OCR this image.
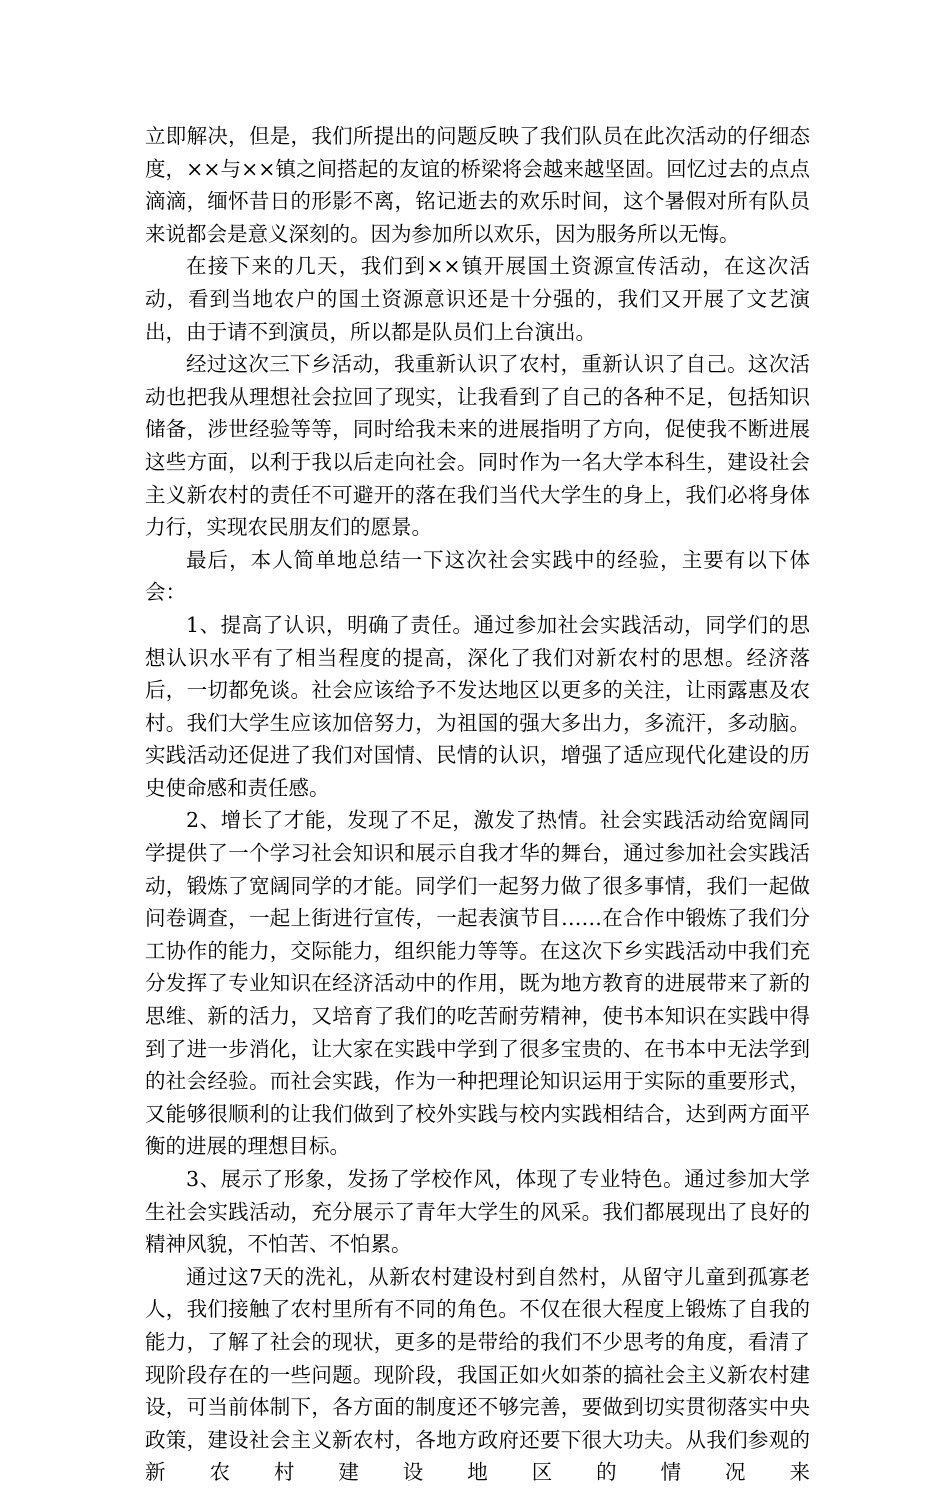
立即解决，但是，我们所提出的问题反映了我们队员在此次活动的仔细态度，××与××镇之间搭起的友谊的桥梁将会越来越坚固。回忆过去的点点滴滴，缅怀昔日的形影不离，铭记逝去的欢乐时间，这个暑假对所有队员来说都会是意义深刻的。因为参加所以欢乐，因为服务所以无悔。

在接下来的几天，我们到××镇开展国土资源宣传活动，在这次活动，看到当地农户的国土资源意识还是十分强的，我们又开展了文艺演出，由于请不到演员，所以都是队员们上台演出。

经过这次三下乡活动，我重新认识了农村，重新认识了自己。这次活动也把我从理想社会拉回了现实，让我看到了自己的各种不足，包括知识储备，涉世经验等等，同时给我未来的进展指明了方向，促使我不断进展这些方面，以利于我以后走向社会。同时作为一名大学本科生，建设社会主义新农村的责任不可避开的落在我们当代大学生的身上，我们必将身体力行，实现农民朋友们的愿景。

最后，本人简单地总结一下这次社会实践中的经验，主要有以下体会：

1、提高了认识，明确了责任。通过参加社会实践活动，同学们的思想认识水平有了相当程度的提高，深化了我们对新农村的思想。经济落后，一切都免谈。社会应该给予不发达地区以更多的关注，让雨露惠及农村。我们大学生应该加倍努力，为祖国的强大多出力，多流汗，多动脑。实践活动还促进了我们对国情、民情的认识，增强了适应现代化建设的历史使命感和责任感。

2、增长了才能，发现了不足，激发了热情。社会实践活动给宽阔同学提供了一个学习社会知识和展示自我才华的舞台，通过参加社会实践活动，锻炼了宽阔同学的才能。同学们一起努力做了很多事情，我们一起做问卷调查，一起上街进行宣传，一起表演节目……在合作中锻炼了我们分工协作的能力，交际能力，组织能力等等。在这次下乡实践活动中我们充分发挥了专业知识在经济活动中的作用，既为地方教育的进展带来了新的思维、新的活力，又培育了我们的吃苦耐劳精神，使书本知识在实践中得到了进一步消化，让大家在实践中学到了很多宝贵的、在书本中无法学到的社会经验。而社会实践，作为一种把理论知识运用于实际的重要形式，又能够很顺利的让我们做到了校外实践与校内实践相结合，达到两方面平衡的进展的理想目标。

3、展示了形象，发扬了学校作风，体现了专业特色。通过参加大学生社会实践活动，充分展示了青年大学生的风采。我们都展现出了良好的精神风貌，不怕苦、不怕累。

通过这7天的洗礼，从新农村建设村到自然村，从留守儿童到孤寡老人，我们接触了农村里所有不同的角色。不仅在很大程度上锻炼了自我的能力，了解了社会的现状，更多的是带给的我们不少思考的角度，看清了现阶段存在的一些问题。现阶段，我国正如火如荼的搞社会主义新农村建设，可当前体制下，各方面的制度还不够完善，要做到切实贯彻落实中央政策，建设社会主义新农村，各地方政府还要下很大功夫。从我们参观的新农村建设地区的情况来
